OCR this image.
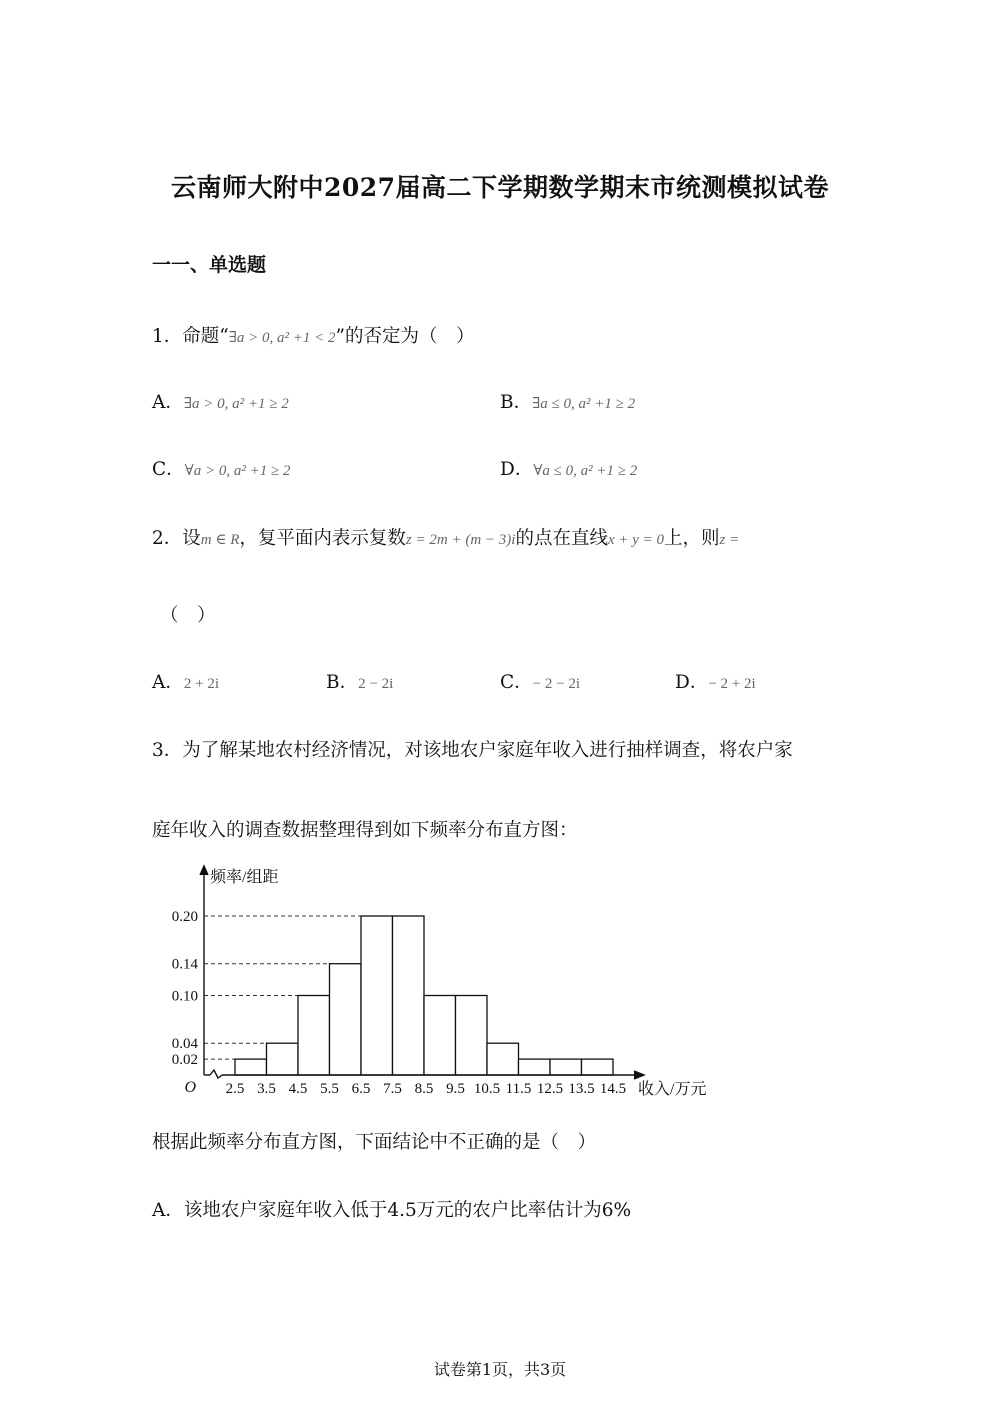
云南师大附中2027届高二下学期数学期末市统测模拟试卷
一一、单选题
1．命题“∃a > 0, a² +1 < 2”的否定为（　）
A．∃a > 0, a² +1 ≥ 2	B．∃a ≤ 0, a² +1 ≥ 2
C．∀a > 0, a² +1 ≥ 2	D．∀a ≤ 0, a² +1 ≥ 2
2．设m ∈ R，复平面内表示复数z = 2m + (m − 3)i的点在直线x + y = 0上，则z =
（　）
A．2 + 2i	B．2 − 2i	C．− 2 − 2i	D．− 2 + 2i
3．为了解某地农村经济情况，对该地农户家庭年收入进行抽样调查，将农户家
庭年收入的调查数据整理得到如下频率分布直方图：
0.02
0.04
0.10
0.14
0.20
2.5 3.5 4.5 5.5 6.5 7.5 8.5 9.5 10.5 11.5 12.5 13.5 14.5
O
频率/组距
收入/万元
根据此频率分布直方图，下面结论中不正确的是（　）
A．该地农户家庭年收入低于4.5万元的农户比率估计为6%
试卷第1页，共3页
